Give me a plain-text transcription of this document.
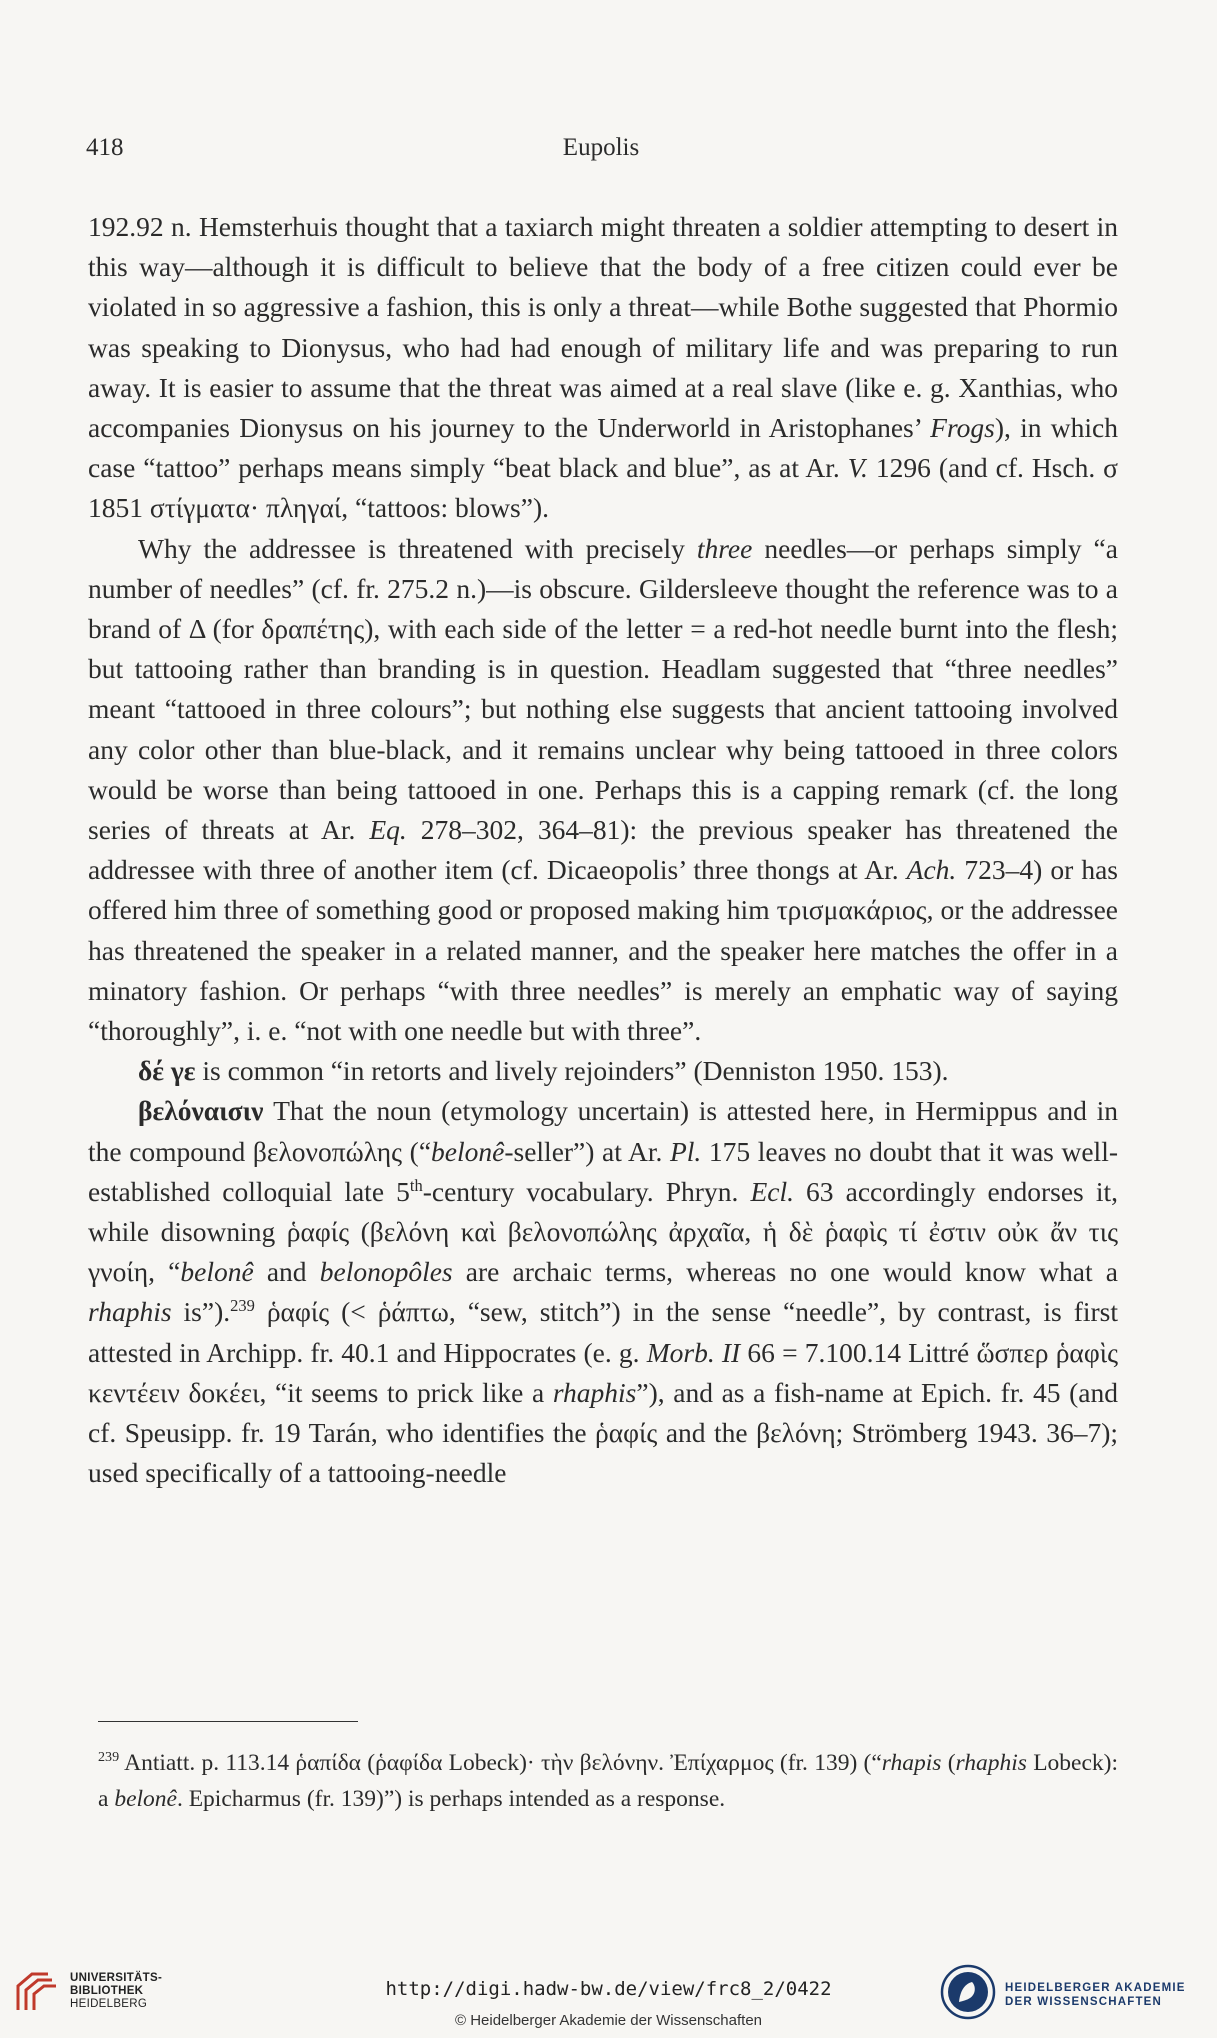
418	Eupolis

192.92 n. Hemsterhuis thought that a taxiarch might threaten a soldier attempting to desert in this way—although it is difficult to believe that the body of a free citizen could ever be violated in so aggressive a fashion, this is only a threat—while Bothe suggested that Phormio was speaking to Dionysus, who had had enough of military life and was preparing to run away. It is easier to assume that the threat was aimed at a real slave (like e. g. Xanthias, who accompanies Dionysus on his journey to the Underworld in Aristophanes’ Frogs), in which case “tattoo” perhaps means simply “beat black and blue”, as at Ar. V. 1296 (and cf. Hsch. σ 1851 στίγματα· πληγαί, “tattoos: blows”).

Why the addressee is threatened with precisely three needles—or perhaps simply “a number of needles” (cf. fr. 275.2 n.)—is obscure. Gildersleeve thought the reference was to a brand of Δ (for δραπέτης), with each side of the letter = a red-hot needle burnt into the flesh; but tattooing rather than branding is in question. Headlam suggested that “three needles” meant “tattooed in three colours”; but nothing else suggests that ancient tattooing involved any color other than blue-black, and it remains unclear why being tattooed in three colors would be worse than being tattooed in one. Perhaps this is a capping remark (cf. the long series of threats at Ar. Eq. 278–302, 364–81): the previous speaker has threatened the addressee with three of another item (cf. Dicaeopolis’ three thongs at Ar. Ach. 723–4) or has offered him three of something good or proposed making him τρισμακάριος, or the addressee has threatened the speaker in a related manner, and the speaker here matches the offer in a minatory fashion. Or perhaps “with three needles” is merely an emphatic way of saying “thoroughly”, i. e. “not with one needle but with three”.

δέ γε is common “in retorts and lively rejoinders” (Denniston 1950. 153).

βελόναισιν That the noun (etymology uncertain) is attested here, in Hermippus and in the compound βελονοπώλης (“belonê-seller”) at Ar. Pl. 175 leaves no doubt that it was well-established colloquial late 5th-century vocabulary. Phryn. Ecl. 63 accordingly endorses it, while disowning ῥαφίς (βελόνη καὶ βελονοπώλης ἀρχαῖα, ἡ δὲ ῥαφὶς τί ἐστιν οὐκ ἄν τις γνοίη, “belonê and belonopôles are archaic terms, whereas no one would know what a rhaphis is”).$^{239}$ ῥαφίς (< ῥάπτω, “sew, stitch”) in the sense “needle”, by contrast, is first attested in Archipp. fr. 40.1 and Hippocrates (e. g. Morb. II 66 = 7.100.14 Littré ὥσπερ ῥαφὶς κεντέειν δοκέει, “it seems to prick like a rhaphis”), and as a fish-name at Epich. fr. 45 (and cf. Speusipp. fr. 19 Tarán, who identifies the ῥαφίς and the βελόνη; Strömberg 1943. 36–7); used specifically of a tattooing-needle

$^{239}$ Antiatt. p. 113.14 ῥαπίδα (ῥαφίδα Lobeck)· τὴν βελόνην. Ἐπίχαρμος (fr. 139) (“rhapis (rhaphis Lobeck): a belonê. Epicharmus (fr. 139)”) is perhaps intended as a response.
UNIVERSITÄTS-
BIBLIOTHEK
HEIDELBERG
http://digi.hadw-bw.de/view/frc8_2/0422
© Heidelberger Akademie der Wissenschaften
HEIDELBERGER AKADEMIE
DER WISSENSCHAFTEN
